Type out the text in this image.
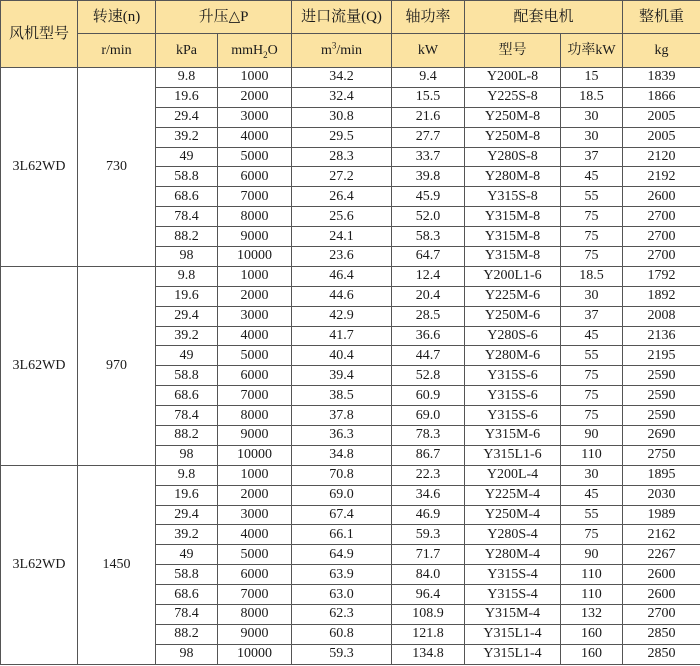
风机型号	转速(n)	升压△P		进口流量(Q)	轴功率	配套电机		整机重
	r/min	kPa	mmH$_2$O	$m^3/\min$	kW	型号	功率kW	kg
3L62WD	730	9.8	1000	34.2	9.4	Y200L-8	15	1839
		19.6	2000	32.4	15.5	Y225S-8	18.5	1866
		29.4	3000	30.8	21.6	Y250M-8	30	2005
		39.2	4000	29.5	27.7	Y250M-8	30	2005
		49	5000	28.3	33.7	Y280S-8	37	2120
		58.8	6000	27.2	39.8	Y280M-8	45	2192
		68.6	7000	26.4	45.9	Y315S-8	55	2600
		78.4	8000	25.6	52.0	Y315M-8	75	2700
		88.2	9000	24.1	58.3	Y315M-8	75	2700
		98	10000	23.6	64.7	Y315M-8	75	2700
3L62WD	970	9.8	1000	46.4	12.4	Y200L1-6	18.5	1792
		19.6	2000	44.6	20.4	Y225M-6	30	1892
		29.4	3000	42.9	28.5	Y250M-6	37	2008
		39.2	4000	41.7	36.6	Y280S-6	45	2136
		49	5000	40.4	44.7	Y280M-6	55	2195
		58.8	6000	39.4	52.8	Y315S-6	75	2590
		68.6	7000	38.5	60.9	Y315S-6	75	2590
		78.4	8000	37.8	69.0	Y315S-6	75	2590
		88.2	9000	36.3	78.3	Y315M-6	90	2690
		98	10000	34.8	86.7	Y315L1-6	110	2750
3L62WD	1450	9.8	1000	70.8	22.3	Y200L-4	30	1895
		19.6	2000	69.0	34.6	Y225M-4	45	2030
		29.4	3000	67.4	46.9	Y250M-4	55	1989
		39.2	4000	66.1	59.3	Y280S-4	75	2162
		49	5000	64.9	71.7	Y280M-4	90	2267
		58.8	6000	63.9	84.0	Y315S-4	110	2600
		68.6	7000	63.0	96.4	Y315S-4	110	2600
		78.4	8000	62.3	108.9	Y315M-4	132	2700
		88.2	9000	60.8	121.8	Y315L1-4	160	2850
		98	10000	59.3	134.8	Y315L1-4	160	2850
